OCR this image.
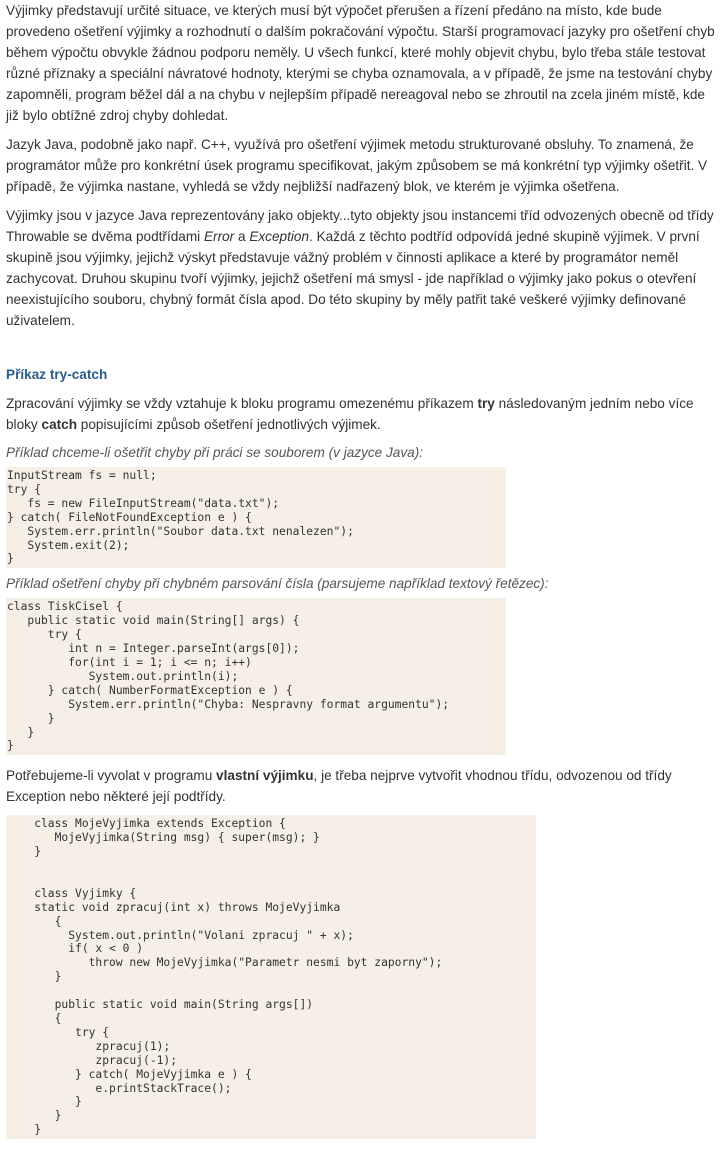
Výjimky představují určité situace, ve kterých musí být výpočet přerušen a řízení předáno na místo, kde bude provedeno ošetření výjimky a rozhodnutí o dalším pokračování výpočtu. Starší programovací jazyky pro ošetření chyb během výpočtu obvykle žádnou podporu neměly. U všech funkcí, které mohly objevit chybu, bylo třeba stále testovat různé příznaky a speciální návratové hodnoty, kterými se chyba oznamovala, a v případě, že jsme na testování chyby zapomněli, program běžel dál a na chybu v nejlepším případě nereagoval nebo se zhroutil na zcela jiném místě, kde již bylo obtížné zdroj chyby dohledat.

Jazyk Java, podobně jako např. C++, využívá pro ošetření výjimek metodu strukturované obsluhy. To znamená, že programátor může pro konkrétní úsek programu specifikovat, jakým způsobem se má konkrétní typ výjimky ošetřit. V případě, že výjimka nastane, vyhledá se vždy nejbližší nadřazený blok, ve kterém je výjimka ošetřena.

Výjimky jsou v jazyce Java reprezentovány jako objekty...tyto objekty jsou instancemi tříd odvozených obecně od třídy Throwable se dvěma podtřídami Error a Exception. Každá z těchto podtříd odpovídá jedné skupině výjimek. V první skupině jsou výjimky, jejichž výskyt představuje vážný problém v činnosti aplikace a které by programátor neměl zachycovat. Druhou skupinu tvoří výjimky, jejichž ošetření má smysl - jde například o výjimky jako pokus o otevření neexistujícího souboru, chybný formát čísla apod. Do této skupiny by měly patřit také veškeré výjimky definované uživatelem.

Příkaz try-catch

Zpracování výjimky se vždy vztahuje k bloku programu omezenému příkazem try následovaným jedním nebo více bloky catch popisujícími způsob ošetření jednotlivých výjimek.

Příklad chceme-li ošetřit chyby při práci se souborem (v jazyce Java):
InputStream fs = null;
try {
fs = new FileInputStream("data.txt");
} catch( FileNotFoundException e ) {
System.err.println("Soubor data.txt nenalezen");
System.exit(2);
}
Příklad ošetření chyby při chybném parsování čísla (parsujeme například textový řetězec):
class TiskCisel {
public static void main(String[] args) {
try {
int n = Integer.parseInt(args[0]);
for(int i = 1; i <= n; i++)
System.out.println(i);
} catch( NumberFormatException e ) {
System.err.println("Chyba: Nespravny format argumentu");
}
}
}

Potřebujeme-li vyvolat v programu vlastní výjimku, je třeba nejprve vytvořit vhodnou třídu, odvozenou od třídy Exception nebo některé její podtřídy.

class MojeVyjimka extends Exception {
MojeVyjimka(String msg) { super(msg); }
}

class Vyjimky {
static void zpracuj(int x) throws MojeVyjimka
{
System.out.println("Volani zpracuj " + x);
if( x < 0 )
throw new MojeVyjimka("Parametr nesmi byt zaporny");
}

public static void main(String args[])
{
try {
zpracuj(1);
zpracuj(-1);
} catch( MojeVyjimka e ) {
e.printStackTrace();
}
}
}
